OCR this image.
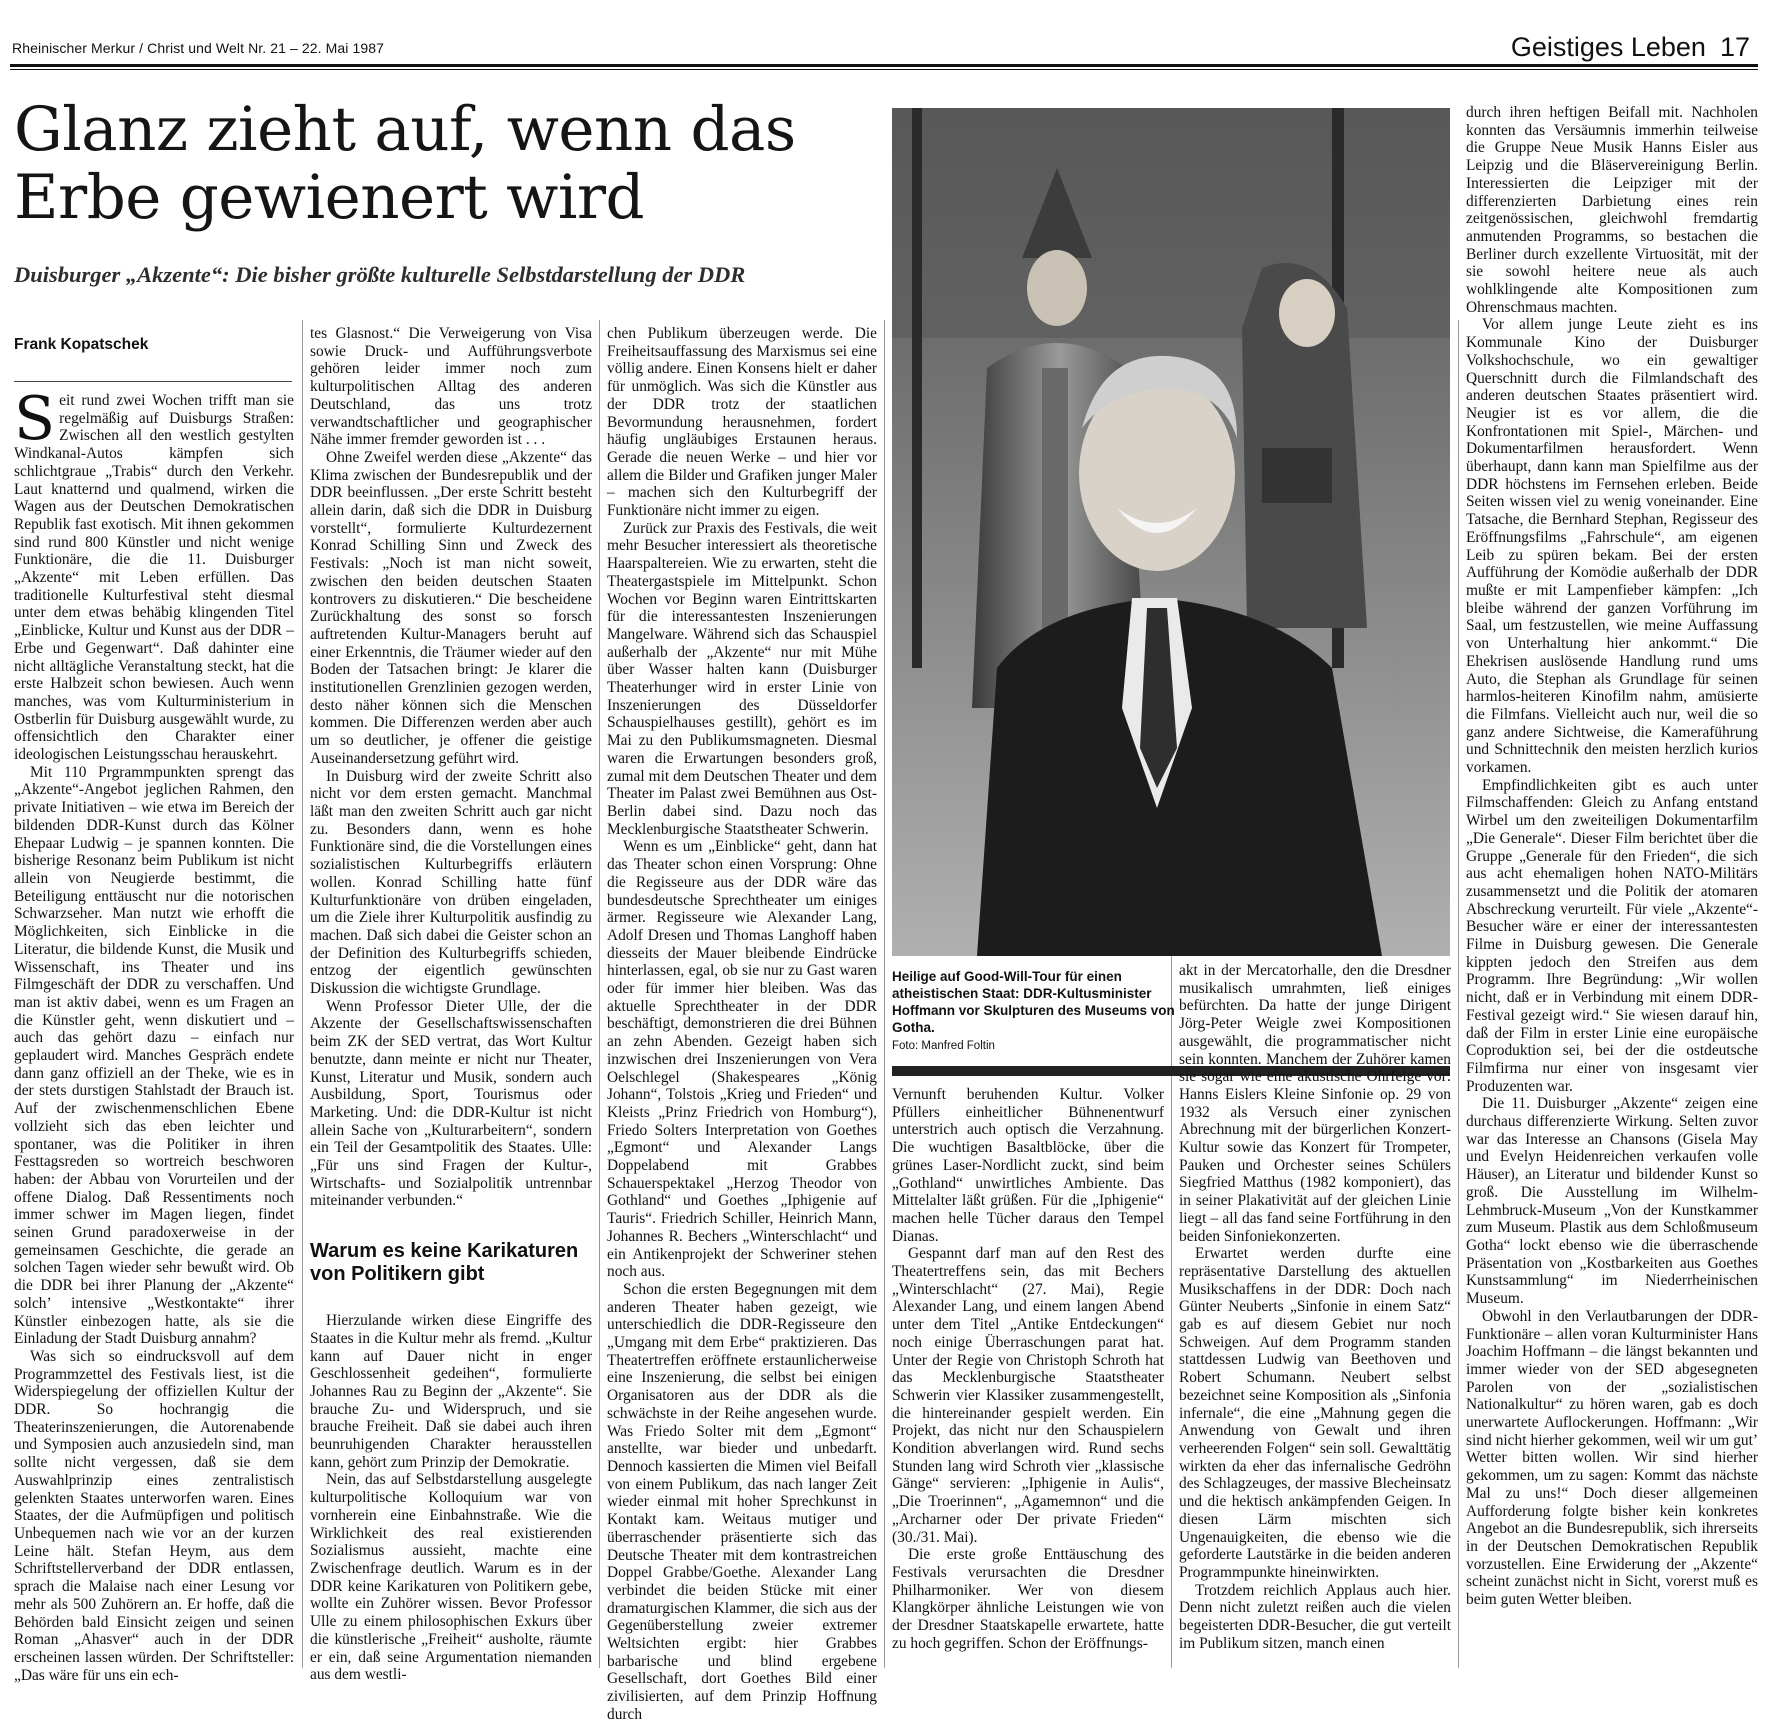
Rheinischer Merkur / Christ und Welt Nr. 21 – 22. Mai 1987	Geistiges Leben 17
Glanz zieht auf, wenn das Erbe gewienert wird
Duisburger „Akzente“: Die bisher größte kulturelle Selbstdarstellung der DDR
Frank Kopatschek

Seit rund zwei Wochen trifft man sie regelmäßig auf Duisburgs Straßen: Zwischen all den westlich gestylten Windkanal-Autos kämpfen sich schlichtgraue „Trabis“ durch den Verkehr. Laut knatternd und qualmend, wirken die Wagen aus der Deutschen Demokratischen Republik fast exotisch. Mit ihnen gekommen sind rund 800 Künstler und nicht wenige Funktionäre, die die 11. Duisburger „Akzente“ mit Leben erfüllen. Das traditionelle Kulturfestival steht diesmal unter dem etwas behäbig klingenden Titel „Einblicke, Kultur und Kunst aus der DDR – Erbe und Gegenwart“. Daß dahinter eine nicht alltägliche Veranstaltung steckt, hat die erste Halbzeit schon bewiesen. Auch wenn manches, was vom Kulturministerium in Ostberlin für Duisburg ausgewählt wurde, zu offensichtlich den Charakter einer ideologischen Leistungsschau herauskehrt.

Mit 110 Prgrammpunkten sprengt das „Akzente“-Angebot jeglichen Rahmen, den private Initiativen – wie etwa im Bereich der bildenden DDR-Kunst durch das Kölner Ehepaar Ludwig – je spannen konnten. Die bisherige Resonanz beim Publikum ist nicht allein von Neugierde bestimmt, die Beteiligung enttäuscht nur die notorischen Schwarzseher. Man nutzt wie erhofft die Möglichkeiten, sich Einblicke in die Literatur, die bildende Kunst, die Musik und Wissenschaft, ins Theater und ins Filmgeschäft der DDR zu verschaffen. Und man ist aktiv dabei, wenn es um Fragen an die Künstler geht, wenn diskutiert und – auch das gehört dazu – einfach nur geplaudert wird. Manches Gespräch endete dann ganz offiziell an der Theke, wie es in der stets durstigen Stahlstadt der Brauch ist. Auf der zwischenmenschlichen Ebene vollzieht sich das eben leichter und spontaner, was die Politiker in ihren Festtagsreden so wortreich beschworen haben: der Abbau von Vorurteilen und der offene Dialog. Daß Ressentiments noch immer schwer im Magen liegen, findet seinen Grund paradoxerweise in der gemeinsamen Geschichte, die gerade an solchen Tagen wieder sehr bewußt wird. Ob die DDR bei ihrer Planung der „Akzente“ solch’ intensive „Westkontakte“ ihrer Künstler einbezogen hatte, als sie die Einladung der Stadt Duisburg annahm?

Was sich so eindrucksvoll auf dem Programmzettel des Festivals liest, ist die Widerspiegelung der offiziellen Kultur der DDR. So hochrangig die Theaterinszenierungen, die Autorenabende und Symposien auch anzusiedeln sind, man sollte nicht vergessen, daß sie dem Auswahlprinzip eines zentralistisch gelenkten Staates unterworfen waren. Eines Staates, der die Aufmüpfigen und politisch Unbequemen nach wie vor an der kurzen Leine hält. Stefan Heym, aus dem Schriftstellerverband der DDR entlassen, sprach die Malaise nach einer Lesung vor mehr als 500 Zuhörern an. Er hoffe, daß die Behörden bald Einsicht zeigen und seinen Roman „Ahasver“ auch in der DDR erscheinen lassen würden. Der Schriftsteller: „Das wäre für uns ein ech-

tes Glasnost.“ Die Verweigerung von Visa sowie Druck- und Aufführungsverbote gehören leider immer noch zum kulturpolitischen Alltag des anderen Deutschland, das uns trotz verwandtschaftlicher und geographischer Nähe immer fremder geworden ist . . .

Ohne Zweifel werden diese „Akzente“ das Klima zwischen der Bundesrepublik und der DDR beeinflussen. „Der erste Schritt besteht allein darin, daß sich die DDR in Duisburg vorstellt“, formulierte Kulturdezernent Konrad Schilling Sinn und Zweck des Festivals: „Noch ist man nicht soweit, zwischen den beiden deutschen Staaten kontrovers zu diskutieren.“ Die bescheidene Zurückhaltung des sonst so forsch auftretenden Kultur-Managers beruht auf einer Erkenntnis, die Träumer wieder auf den Boden der Tatsachen bringt: Je klarer die institutionellen Grenzlinien gezogen werden, desto näher können sich die Menschen kommen. Die Differenzen werden aber auch um so deutlicher, je offener die geistige Auseinandersetzung geführt wird.

In Duisburg wird der zweite Schritt also nicht vor dem ersten gemacht. Manchmal läßt man den zweiten Schritt auch gar nicht zu. Besonders dann, wenn es hohe Funktionäre sind, die die Vorstellungen eines sozialistischen Kulturbegriffs erläutern wollen. Konrad Schilling hatte fünf Kulturfunktionäre von drüben eingeladen, um die Ziele ihrer Kulturpolitik ausfindig zu machen. Daß sich dabei die Geister schon an der Definition des Kulturbegriffs schieden, entzog der eigentlich gewünschten Diskussion die wichtigste Grundlage.

Wenn Professor Dieter Ulle, der die Akzente der Gesellschaftswissenschaften beim ZK der SED vertrat, das Wort Kultur benutzte, dann meinte er nicht nur Theater, Kunst, Literatur und Musik, sondern auch Ausbildung, Sport, Tourismus oder Marketing. Und: die DDR-Kultur ist nicht allein Sache von „Kulturarbeitern“, sondern ein Teil der Gesamtpolitik des Staates. Ulle: „Für uns sind Fragen der Kultur-, Wirtschafts- und Sozialpolitik untrennbar miteinander verbunden.“

Warum es keine Karikaturen von Politikern gibt

Hierzulande wirken diese Eingriffe des Staates in die Kultur mehr als fremd. „Kultur kann auf Dauer nicht in enger Geschlossenheit gedeihen“, formulierte Johannes Rau zu Beginn der „Akzente“. Sie brauche Zu- und Widerspruch, und sie brauche Freiheit. Daß sie dabei auch ihren beunruhigenden Charakter herausstellen kann, gehört zum Prinzip der Demokratie.

Nein, das auf Selbstdarstellung ausgelegte kulturpolitische Kolloquium war von vornherein eine Einbahnstraße. Wie die Wirklichkeit des real existierenden Sozialismus aussieht, machte eine Zwischenfrage deutlich. Warum es in der DDR keine Karikaturen von Politikern gebe, wollte ein Zuhörer wissen. Bevor Professor Ulle zu einem philosophischen Exkurs über die künstlerische „Freiheit“ ausholte, räumte er ein, daß seine Argumentation niemanden aus dem westli-

chen Publikum überzeugen werde. Die Freiheitsauffassung des Marxismus sei eine völlig andere. Einen Konsens hielt er daher für unmöglich. Was sich die Künstler aus der DDR trotz der staatlichen Bevormundung herausnehmen, fordert häufig ungläubiges Erstaunen heraus. Gerade die neuen Werke – und hier vor allem die Bilder und Grafiken junger Maler – machen sich den Kulturbegriff der Funktionäre nicht immer zu eigen.

Zurück zur Praxis des Festivals, die weit mehr Besucher interessiert als theoretische Haarspaltereien. Wie zu erwarten, steht die Theatergastspiele im Mittelpunkt. Schon Wochen vor Beginn waren Eintrittskarten für die interessantesten Inszenierungen Mangelware. Während sich das Schauspiel außerhalb der „Akzente“ nur mit Mühe über Wasser halten kann (Duisburger Theaterhunger wird in erster Linie von Inszenierungen des Düsseldorfer Schauspielhauses gestillt), gehört es im Mai zu den Publikumsmagneten. Diesmal waren die Erwartungen besonders groß, zumal mit dem Deutschen Theater und dem Theater im Palast zwei Bemühnen aus Ost-Berlin dabei sind. Dazu noch das Mecklenburgische Staatstheater Schwerin.

Wenn es um „Einblicke“ geht, dann hat das Theater schon einen Vorsprung: Ohne die Regisseure aus der DDR wäre das bundesdeutsche Sprechtheater um einiges ärmer. Regisseure wie Alexander Lang, Adolf Dresen und Thomas Langhoff haben diesseits der Mauer bleibende Eindrücke hinterlassen, egal, ob sie nur zu Gast waren oder für immer hier bleiben. Was das aktuelle Sprechtheater in der DDR beschäftigt, demonstrieren die drei Bühnen an zehn Abenden. Gezeigt haben sich inzwischen drei Inszenierungen von Vera Oelschlegel (Shakespeares „König Johann“, Tolstois „Krieg und Frieden“ und Kleists „Prinz Friedrich von Homburg“), Friedo Solters Interpretation von Goethes „Egmont“ und Alexander Langs Doppelabend mit Grabbes Schauerspektakel „Herzog Theodor von Gothland“ und Goethes „Iphigenie auf Tauris“. Friedrich Schiller, Heinrich Mann, Johannes R. Bechers „Winterschlacht“ und ein Antikenprojekt der Schweriner stehen noch aus.

Schon die ersten Begegnungen mit dem anderen Theater haben gezeigt, wie unterschiedlich die DDR-Regisseure den „Umgang mit dem Erbe“ praktizieren. Das Theatertreffen eröffnete erstaunlicherweise eine Inszenierung, die selbst bei einigen Organisatoren aus der DDR als die schwächste in der Reihe angesehen wurde. Was Friedo Solter mit dem „Egmont“ anstellte, war bieder und unbedarft. Dennoch kassierten die Mimen viel Beifall von einem Publikum, das nach langer Zeit wieder einmal mit hoher Sprechkunst in Kontakt kam. Weitaus mutiger und überraschender präsentierte sich das Deutsche Theater mit dem kontrastreichen Doppel Grabbe/Goethe. Alexander Lang verbindet die beiden Stücke mit einer dramaturgischen Klammer, die sich aus der Gegenüberstellung zweier extremer Weltsichten ergibt: hier Grabbes barbarische und blind ergebene Gesellschaft, dort Goethes Bild einer zivilisierten, auf dem Prinzip Hoffnung durch

Heilige auf Good-Will-Tour für einen atheistischen Staat: DDR-Kultusminister Hoffmann vor Skulpturen des Museums von Gotha.
Foto: Manfred Foltin

Vernunft beruhenden Kultur. Volker Pfüllers einheitlicher Bühnenentwurf unterstrich auch optisch die Verzahnung. Die wuchtigen Basaltblöcke, über die grünes Laser-Nordlicht zuckt, sind beim „Gothland“ unwirtliches Ambiente. Das Mittelalter läßt grüßen. Für die „Iphigenie“ machen helle Tücher daraus den Tempel Dianas.

Gespannt darf man auf den Rest des Theatertreffens sein, das mit Bechers „Winterschlacht“ (27. Mai), Regie Alexander Lang, und einem langen Abend unter dem Titel „Antike Entdeckungen“ noch einige Überraschungen parat hat. Unter der Regie von Christoph Schroth hat das Mecklenburgische Staatstheater Schwerin vier Klassiker zusammengestellt, die hintereinander gespielt werden. Ein Projekt, das nicht nur den Schauspielern Kondition abverlangen wird. Rund sechs Stunden lang wird Schroth vier „klassische Gänge“ servieren: „Iphigenie in Aulis“, „Die Troerinnen“, „Agamemnon“ und die „Archarner oder Der private Frieden“ (30./31. Mai).

Die erste große Enttäuschung des Festivals verursachten die Dresdner Philharmoniker. Wer von diesem Klangkörper ähnliche Leistungen wie von der Dresdner Staatskapelle erwartete, hatte zu hoch gegriffen. Schon der Eröffnungs-

akt in der Mercatorhalle, den die Dresdner musikalisch umrahmten, ließ einiges befürchten. Da hatte der junge Dirigent Jörg-Peter Weigle zwei Kompositionen ausgewählt, die programmatischer nicht sein konnten. Manchem der Zuhörer kamen sie sogar wie eine akustische Ohrfeige vor: Hanns Eislers Kleine Sinfonie op. 29 von 1932 als Versuch einer zynischen Abrechnung mit der bürgerlichen Konzert-Kultur sowie das Konzert für Trompeter, Pauken und Orchester seines Schülers Siegfried Matthus (1982 komponiert), das in seiner Plakativität auf der gleichen Linie liegt – all das fand seine Fortführung in den beiden Sinfoniekonzerten.

Erwartet werden durfte eine repräsentative Darstellung des aktuellen Musikschaffens in der DDR: Doch nach Günter Neuberts „Sinfonie in einem Satz“ gab es auf diesem Gebiet nur noch Schweigen. Auf dem Programm standen stattdessen Ludwig van Beethoven und Robert Schumann. Neubert selbst bezeichnet seine Komposition als „Sinfonia infernale“, die eine „Mahnung gegen die Anwendung von Gewalt und ihren verheerenden Folgen“ sein soll. Gewalttätig wirkten da eher das infernalische Gedröhn des Schlagzeuges, der massive Blecheinsatz und die hektisch ankämpfenden Geigen. In diesen Lärm mischten sich Ungenauigkeiten, die ebenso wie die geforderte Lautstärke in die beiden anderen Programmpunkte hineinwirkten.

Trotzdem reichlich Applaus auch hier. Denn nicht zuletzt reißen auch die vielen begeisterten DDR-Besucher, die gut verteilt im Publikum sitzen, manch einen

durch ihren heftigen Beifall mit. Nachholen konnten das Versäumnis immerhin teilweise die Gruppe Neue Musik Hanns Eisler aus Leipzig und die Bläservereinigung Berlin. Interessierten die Leipziger mit der differenzierten Darbietung eines rein zeitgenössischen, gleichwohl fremdartig anmutenden Programms, so bestachen die Berliner durch exzellente Virtuosität, mit der sie sowohl heitere neue als auch wohlklingende alte Kompositionen zum Ohrenschmaus machten.

Vor allem junge Leute zieht es ins Kommunale Kino der Duisburger Volkshochschule, wo ein gewaltiger Querschnitt durch die Filmlandschaft des anderen deutschen Staates präsentiert wird. Neugier ist es vor allem, die die Konfrontationen mit Spiel-, Märchen- und Dokumentarfilmen herausfordert. Wenn überhaupt, dann kann man Spielfilme aus der DDR höchstens im Fernsehen erleben. Beide Seiten wissen viel zu wenig voneinander. Eine Tatsache, die Bernhard Stephan, Regisseur des Eröffnungsfilms „Fahrschule“, am eigenen Leib zu spüren bekam. Bei der ersten Aufführung der Komödie außerhalb der DDR mußte er mit Lampenfieber kämpfen: „Ich bleibe während der ganzen Vorführung im Saal, um festzustellen, wie meine Auffassung von Unterhaltung hier ankommt.“ Die Ehekrisen auslösende Handlung rund ums Auto, die Stephan als Grundlage für seinen harmlos-heiteren Kinofilm nahm, amüsierte die Filmfans. Vielleicht auch nur, weil die so ganz andere Sichtweise, die Kameraführung und Schnittechnik den meisten herzlich kurios vorkamen.

Empfindlichkeiten gibt es auch unter Filmschaffenden: Gleich zu Anfang entstand Wirbel um den zweiteiligen Dokumentarfilm „Die Generale“. Dieser Film berichtet über die Gruppe „Generale für den Frieden“, die sich aus acht ehemaligen hohen NATO-Militärs zusammensetzt und die Politik der atomaren Abschreckung verurteilt. Für viele „Akzente“-Besucher wäre er einer der interessantesten Filme in Duisburg gewesen. Die Generale kippten jedoch den Streifen aus dem Programm. Ihre Begründung: „Wir wollen nicht, daß er in Verbindung mit einem DDR-Festival gezeigt wird.“ Sie wiesen darauf hin, daß der Film in erster Linie eine europäische Coproduktion sei, bei der die ostdeutsche Filmfirma nur einer von insgesamt vier Produzenten war.

Die 11. Duisburger „Akzente“ zeigen eine durchaus differenzierte Wirkung. Selten zuvor war das Interesse an Chansons (Gisela May und Evelyn Heidenreichen verkaufen volle Häuser), an Literatur und bildender Kunst so groß. Die Ausstellung im Wilhelm-Lehmbruck-Museum „Von der Kunstkammer zum Museum. Plastik aus dem Schloßmuseum Gotha“ lockt ebenso wie die überraschende Präsentation von „Kostbarkeiten aus Goethes Kunstsammlung“ im Niederrheinischen Museum.

Obwohl in den Verlautbarungen der DDR-Funktionäre – allen voran Kulturminister Hans Joachim Hoffmann – die längst bekannten und immer wieder von der SED abgesegneten Parolen von der „sozialistischen Nationalkultur“ zu hören waren, gab es doch unerwartete Auflockerungen. Hoffmann: „Wir sind nicht hierher gekommen, weil wir um gut’ Wetter bitten wollen. Wir sind hierher gekommen, um zu sagen: Kommt das nächste Mal zu uns!“ Doch dieser allgemeinen Aufforderung folgte bisher kein konkretes Angebot an die Bundesrepublik, sich ihrerseits in der Deutschen Demokratischen Republik vorzustellen. Eine Erwiderung der „Akzente“ scheint zunächst nicht in Sicht, vorerst muß es beim guten Wetter bleiben.
